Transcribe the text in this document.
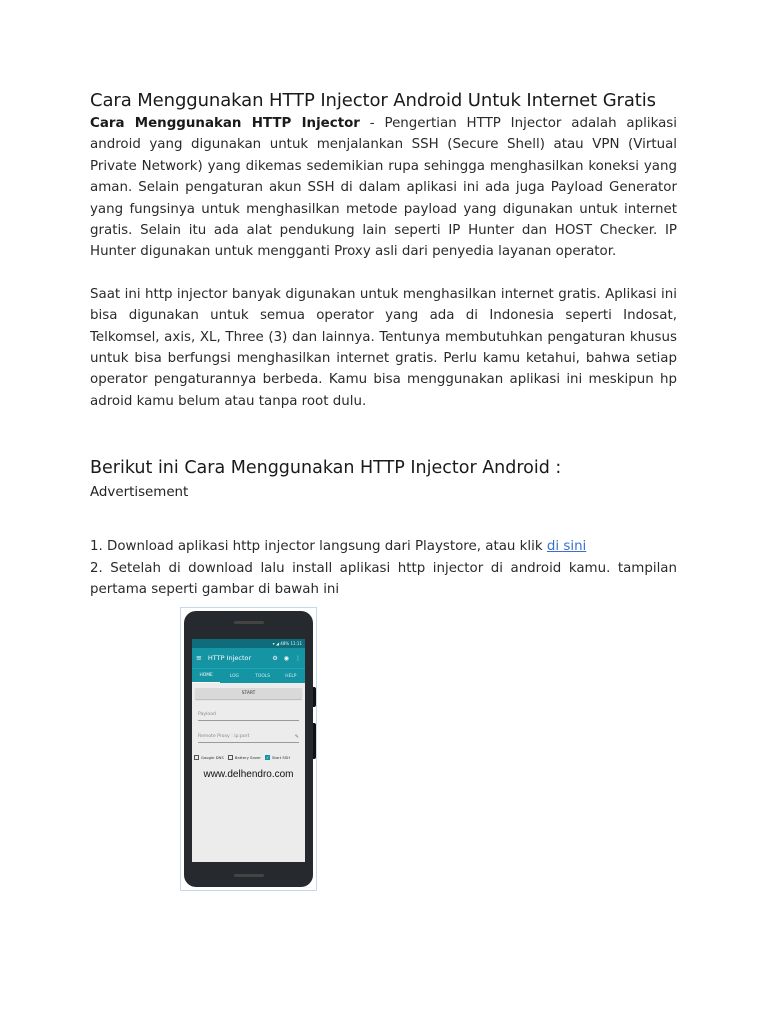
Cara Menggunakan HTTP Injector Android Untuk Internet Gratis

Cara Menggunakan HTTP Injector - Pengertian HTTP Injector adalah aplikasi android yang digunakan untuk menjalankan SSH (Secure Shell) atau VPN (Virtual Private Network) yang dikemas sedemikian rupa sehingga menghasilkan koneksi yang aman. Selain pengaturan akun SSH di dalam aplikasi ini ada juga Payload Generator yang fungsinya untuk menghasilkan metode payload yang digunakan untuk internet gratis. Selain itu ada alat pendukung lain seperti IP Hunter dan HOST Checker. IP Hunter digunakan untuk mengganti Proxy asli dari penyedia layanan operator.

Saat ini http injector banyak digunakan untuk menghasilkan internet gratis. Aplikasi ini bisa digunakan untuk semua operator yang ada di Indonesia seperti Indosat, Telkomsel, axis, XL, Three (3) dan lainnya. Tentunya membutuhkan pengaturan khusus untuk bisa berfungsi menghasilkan internet gratis. Perlu kamu ketahui, bahwa setiap operator pengaturannya berbeda. Kamu bisa menggunakan aplikasi ini meskipun hp adroid kamu belum atau tanpa root dulu.

Berikut ini Cara Menggunakan HTTP Injector Android :
Advertisement

1. Download aplikasi http injector langsung dari Playstore, atau klik di sini

2. Setelah di download lalu install aplikasi http injector di android kamu. tampilan pertama seperti gambar di bawah ini

▾ ◢ 48% 11:11
≡ HTTP Injector	⚙ ◉ ⋮
HOME	LOG	TOOLS	HELP
START
Payload
Remote Proxy : ip:port	✎
Google DNS	Battery Saver ✓ Start SSH
www.delhendro.com
